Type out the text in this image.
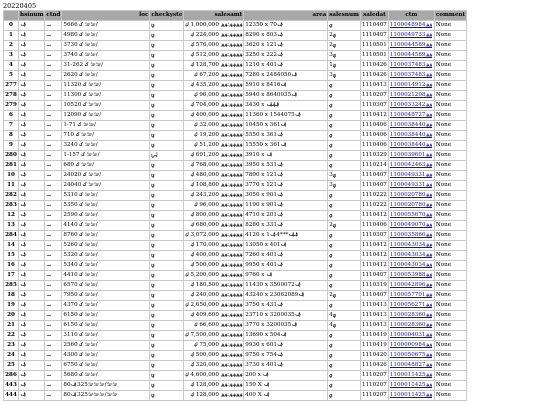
20220405
	hsinum	ctnd	loc	checkyste	salesamt	area	salesnum	saledat	ctm	comment
0	ࢤ	ࡄ	ࡢࡢ ࢰ 5666/	ࢨ	ࢬࢬࢬࢬ:ࢬࢬ 1,000,000 ࢴ	12350 x 7ࢤ0	ࢩ	1110407	1100ࢬࢬ048984	None
1	ࢤ	ࡄ	ࡢࡢ ࢰ 4980/	ࢨ	ࢬࢬࢬࢬ:ࢬࢬ 224,000 ࢴ	8290 x 80ࢤ3	ࢩ2	1110407	1100ࢬࢬ049733	None
2	ࢤ	ࡄ	ࡢࡢ ࢰ 3730/	ࢨ	ࢬࢬࢬࢬ:ࢬࢬ 576,000 ࢴ	3620 x 12ࢤ1	ࢩ2	1110501	1100ࢬࢬ044589	None
3	ࢤ	ࡄ	ࡢࡢ ࢰ 3740/	ࢨ	ࢬࢬࢬࢬ:ࢬࢬ 512,000 ࢴ	3250 x 22ࢤ2	ࢩ3	1110501	1100ࢬࢬ044589	None
4	ࢤ	ࡄ	ࡢࡢ ࢰ 262-31/	ࢨ	ࢬࢬࢬࢬ:ࢬࢬ 128,700 ࢴ	1210 x 40ࢤ1	ࢩ1	1110426	1100ࢬࢬ037483	None
5	ࢤ	ࡄ	ࡢࡢ ࢰ 2620/	ࢨ	ࢬࢬࢬࢬ:ࢬࢬ 67,200 ࢴ	7280 x 24840ࢤ50	ࢩ3	1110426	1100ࢬࢬ037483	None
277	ࢤ	ࡄ	ࡢࡢ ࢰ 11320/	ࢨ	ࢬࢬࢬࢬ:ࢬࢬ 435,200 ࢴ	5910 x 84ࢤ16	ࢩ	1110413	1100ࢬࢬ014912	None
278	ࢤ	ࡄ	ࡢࡢ ࢰ 11300/	ࢨ	ࢬࢬࢬࢬ:ࢬࢬ 96,000 ࢴ	5940 x 86400ࢤ35	ࢩ	1110207	1100ࢬࢬ021298	None
279	ࢤ	ࡄ	ࡢࡢ ࢰ 10520/	ࢨ	ࢬࢬࢬࢬ:ࢬࢬ 704,000 ࢴ	3430 x ࢤࢤࢤ	ࢩ	1110307	1100ࢬࢬ033242	None
6	ࢤ	ࡄ	ࡢࡢ ࢰ 12090/	ࢨ	ࢬࢬࢬࢬ:ࢬࢬ 400,000 ࢴ	11360 x 15440ࢤ75	ࢩ	1110412	1100ࢬࢬ048727	None
7	ࢤ	ࡄ	ࡢࡢ ࢰ 71-1/	ࢨ	ࢬࢬࢬࢬ:ࢬࢬ 32,000 ࢴ	10450 x 36ࢤ1	ࢩ	1110406	1100ࢬࢬ038440	None
8	ࢤ	ࡄ	ࡢࡢ ࢰ 710/	ࢨ	ࢬࢬࢬࢬ:ࢬࢬ 19,200 ࢴ	5550 x 36ࢤ1	ࢩ	1110406	1100ࢬࢬ038440	None
9	ࢤ	ࡄ	ࡢࡢ ࢰ 3240/	ࢨ	ࢬࢬࢬࢬ:ࢬࢬ 51,200 ࢴ	15550 x 36ࢤ1	ࢩ	1110406	1100ࢬࢬ038440	None
280	ࢤ	ࡄ	ࡢࡢ ࢰ 157-1/	ࢨࢨ	ࢬࢬࢬࢬ:ࢬࢬ 691,200 ࢴ	3910 x ࢤ	ࢩ	1110329	1100ࢬࢬ039601	None
281	ࢤ	ࡄ	ࡢࡢ ࢰ 680/	ࢨ	ࢬࢬࢬࢬ:ࢬࢬ 768,000 ࢴ	3950 x 53ࢤ1	ࢩ	1110214	1100ࢬࢬ042463	None
10	ࢤ	ࡄ	ࡢࡢ ࢰ 24020/	ࢨ	ࢬࢬࢬࢬ:ࢬࢬ 480,000 ࢴ	7800 x 12ࢤ1	ࢩ3	1110407	1100ࢬࢬ049331	None
11	ࢤ	ࡄ	ࡢࡢ ࢰ 24040/	ࢨ	ࢬࢬࢬࢬ:ࢬࢬ 108,800 ࢴ	3770 x 12ࢤ1	ࢩ3	1110407	1100ࢬࢬ049331	None
282	ࢤ	ࡄ	ࡢࡢ ࢰ 5310/	ࢨ	ࢬࢬࢬࢬ:ࢬࢬ 243,200 ࢴ	3050 x 90ࢤ1	ࢩ	1110222	1100ࢬࢬ020780	None
283	ࢤ	ࡄ	ࡢࡢ ࢰ 5350/	ࢨ	ࢬࢬࢬࢬ:ࢬࢬ 96,000 ࢴ	1190 x 90ࢤ1	ࢩ	1110222	1100ࢬࢬ020780	None
12	ࢤ	ࡄ	ࡢࡢ ࢰ 2590/	ࢨ	ࢬࢬࢬࢬ:ࢬࢬ 800,000 ࢴ	4710 x 20ࢤ1	ࢩ	1110412	1100ࢬࢬ055670	None
13	ࢤ	ࡄ	ࡢࡢ ࢰ 4140/	ࢨ	ࢬࢬࢬࢬ:ࢬࢬ 680,000 ࢴ	8280 x 33ࢤ1	ࢩ2	1110406	1100ࢬࢬ049070	None
284	ࢤ	ࡄ	ࡢࡢ ࢰ 8760/	ࢨ	ࢬࢬࢬࢬ:ࢬࢬ 3,072,000 ࢴ	4120 x ࢤࢤ***4ࢤ1	ࢩ	1110307	1100ࢬࢬ035866	None
14	ࢤ	ࡄ	ࡢࡢ ࢰ 5260/	ࢨ	ࢬࢬࢬࢬ:ࢬࢬ 170,000 ࢴ	13050 x 40ࢤ1	ࢩ	1110412	1100ࢬࢬ043034	None
15	ࢤ	ࡄ	ࡢࡢ ࢰ 5320/	ࢨ	ࢬࢬࢬࢬ:ࢬࢬ 400,000 ࢴ	7260 x 40ࢤ1	ࢩ	1110412	1100ࢬࢬ043034	None
16	ࢤ	ࡄ	ࡢࡢ ࢰ 5340/	ࢨ	ࢬࢬࢬࢬ:ࢬࢬ 500,000 ࢴ	9950 x 40ࢤ1	ࢩ	1110412	1100ࢬࢬ043034	None
17	ࢤ	ࡄ	ࡢࡢ ࢰ 4410/	ࢨ	ࢬࢬࢬࢬ:ࢬࢬ 5,200,000 ࢴ	9760 x ࢤ	ࢩ	1110407	1100ࢬࢬ053988	None
285	ࢤ	ࡄ	ࡢࡢ ࢰ 6570/	ࢨ	ࢬࢬࢬࢬ:ࢬࢬ 180,500 ࢴ	11430 x 35000ࢤ72	ࢩ	1110319	1100ࢬࢬ042896	None
18	ࢤ	ࡄ	ࡢࡢ ࢰ 7950/	ࢨ	ࢬࢬࢬࢬ:ࢬࢬ 240,000 ࢴ	43240 x 230620ࢤ89	ࢩ2	1110407	1100ࢬࢬ057701	None
19	ࢤ	ࡄ	ࡢࡢ ࢰ 4370/	ࢨ	ࢬࢬࢬࢬ:ࢬࢬ 2,650,000 ࢴ	3750 x 43ࢤ1	ࢩ	1110413	1100ࢬࢬ056271	None
20	ࢤ	ࡄ	ࡢࡢ ࢰ 6150/	ࢨ	ࢬࢬࢬࢬ:ࢬࢬ 409,600 ࢴ	23710 x 32000ࢤ35	ࢩ4	1110413	1100ࢬࢬ028360	None
21	ࢤ	ࡄ	ࡢࡢ ࢰ 6150/	ࢨ	ࢬࢬࢬࢬ:ࢬࢬ 66,600 ࢴ	3770 x 32000ࢤ35	ࢩ4	1110413	1100ࢬࢬ028360	None
22	ࢤ	ࡄ	ࡢࡢ ࢰ 3110/	ࢨ	ࢬࢬࢬࢬ:ࢬࢬ 7,500,000 ࢴ	13690 x 50ࢤ4	ࢩ	1110419	1100ࢬࢬ004031	None
23	ࢤ	ࡄ	ࡢࡢ ࢰ 2560/	ࢨ	ࢬࢬࢬࢬ:ࢬࢬ 75,000 ࢴ	9930 x 60ࢤ1	ࢩ	1110419	1100ࢬࢬ000984	None
24	ࢤ	ࡄ	ࡢࡢ ࢰ 4300/	ࢨ	ࢬࢬࢬࢬ:ࢬࢬ 500,000 ࢴ	9750 x 75ࢤ4	ࢩ	1110420	1100ࢬࢬ050675	None
25	ࢤ	ࡄ	ࡢࡢ ࢰ 6750/	ࢨ	ࢬࢬࢬࢬ:ࢬࢬ 320,000 ࢴ	3730 x 40ࢤ1	ࢩ	1110426	1100ࢬࢬ048827	None
286	ࢤ	ࡄ	ࡢࡢ ࢰ 5680/	ࢨ	ࢬࢬࢬࢬ:ࢬࢬ 4,600,000 ࢴ	200 x ࢤ	ࢩ	1110207	1100ࢬࢬ011425	None
443	ࢤ	ࡄ	ࡢࡢ/ࡢࡢࡢ325ࢤ80	ࢨ	ࢬࢬࢬࢬ:ࢬࢬ 128,000 ࢴ	150 X ࢤ	ࢩ	1110207	1100ࢬࢬ011425	None
444	ࢤ	ࡄ	ࡢࡢ/ࡢࡢࡢ325ࢤ80	ࢨ	ࢬࢬࢬࢬ:ࢬࢬ 128,000 ࢴ	400 X ࢤ	ࢩ	1110207	1100ࢬࢬ011425	None
